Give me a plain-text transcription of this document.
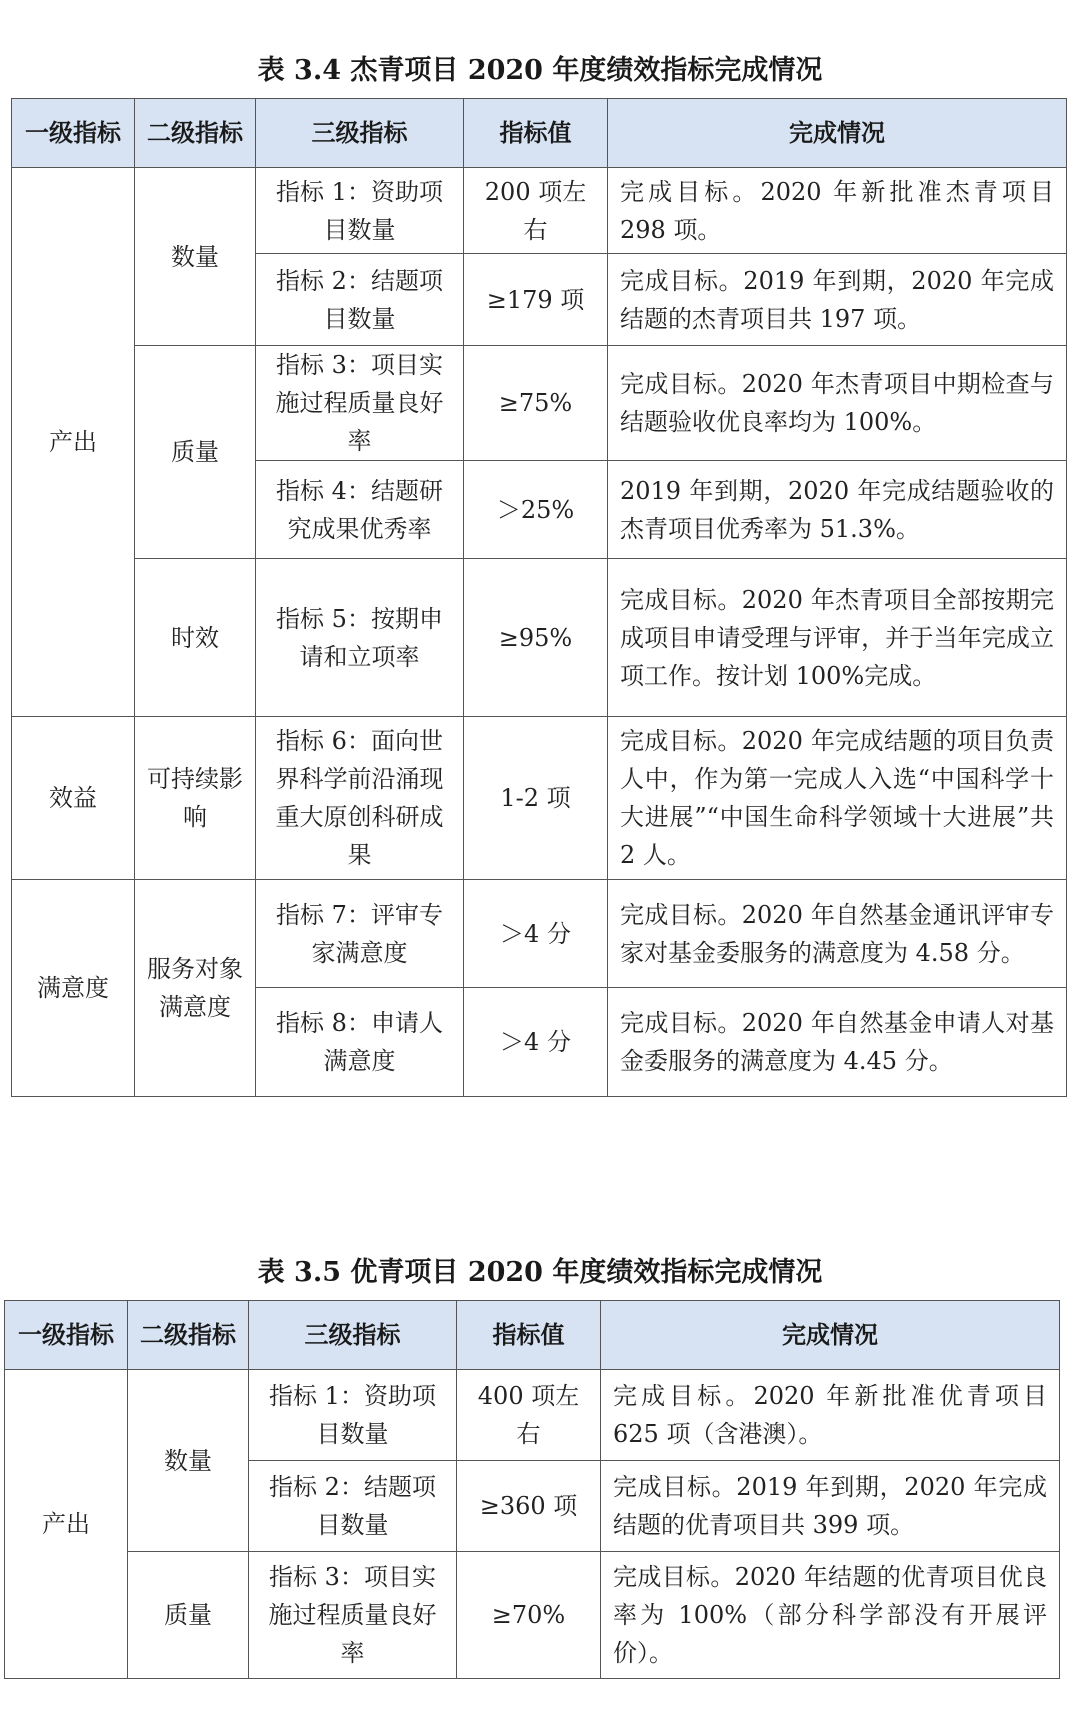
表 3.4 杰青项目 2020 年度绩效指标完成情况
一级指标	二级指标	三级指标	指标值	完成情况
产出	数量	指标 1：资助项目数量	200 项左右	完成目标。2020 年新批准杰青项目 298 项。
		指标 2：结题项目数量	≥179 项	完成目标。2019 年到期，2020 年完成结题的杰青项目共 197 项。
	质量	指标 3：项目实施过程质量良好率	≥75%	完成目标。2020 年杰青项目中期检查与结题验收优良率均为 100%。
		指标 4：结题研究成果优秀率	＞25%	2019 年到期，2020 年完成结题验收的杰青项目优秀率为 51.3%。
	时效	指标 5：按期申请和立项率	≥95%	完成目标。2020 年杰青项目全部按期完成项目申请受理与评审，并于当年完成立项工作。按计划 100%完成。
效益	可持续影响	指标 6：面向世界科学前沿涌现重大原创科研成果	1-2 项	完成目标。2020 年完成结题的项目负责人中，作为第一完成人入选“中国科学十大进展”“中国生命科学领域十大进展”共 2 人。
满意度	服务对象满意度	指标 7：评审专家满意度	＞4 分	完成目标。2020 年自然基金通讯评审专家对基金委服务的满意度为 4.58 分。
		指标 8：申请人满意度	＞4 分	完成目标。2020 年自然基金申请人对基金委服务的满意度为 4.45 分。
表 3.5 优青项目 2020 年度绩效指标完成情况
一级指标	二级指标	三级指标	指标值	完成情况
产出	数量	指标 1：资助项目数量	400 项左右	完成目标。2020 年新批准优青项目 625 项（含港澳）。
		指标 2：结题项目数量	≥360 项	完成目标。2019 年到期，2020 年完成结题的优青项目共 399 项。
	质量	指标 3：项目实施过程质量良好率	≥70%	完成目标。2020 年结题的优青项目优良率为 100%（部分科学部没有开展评价）。
